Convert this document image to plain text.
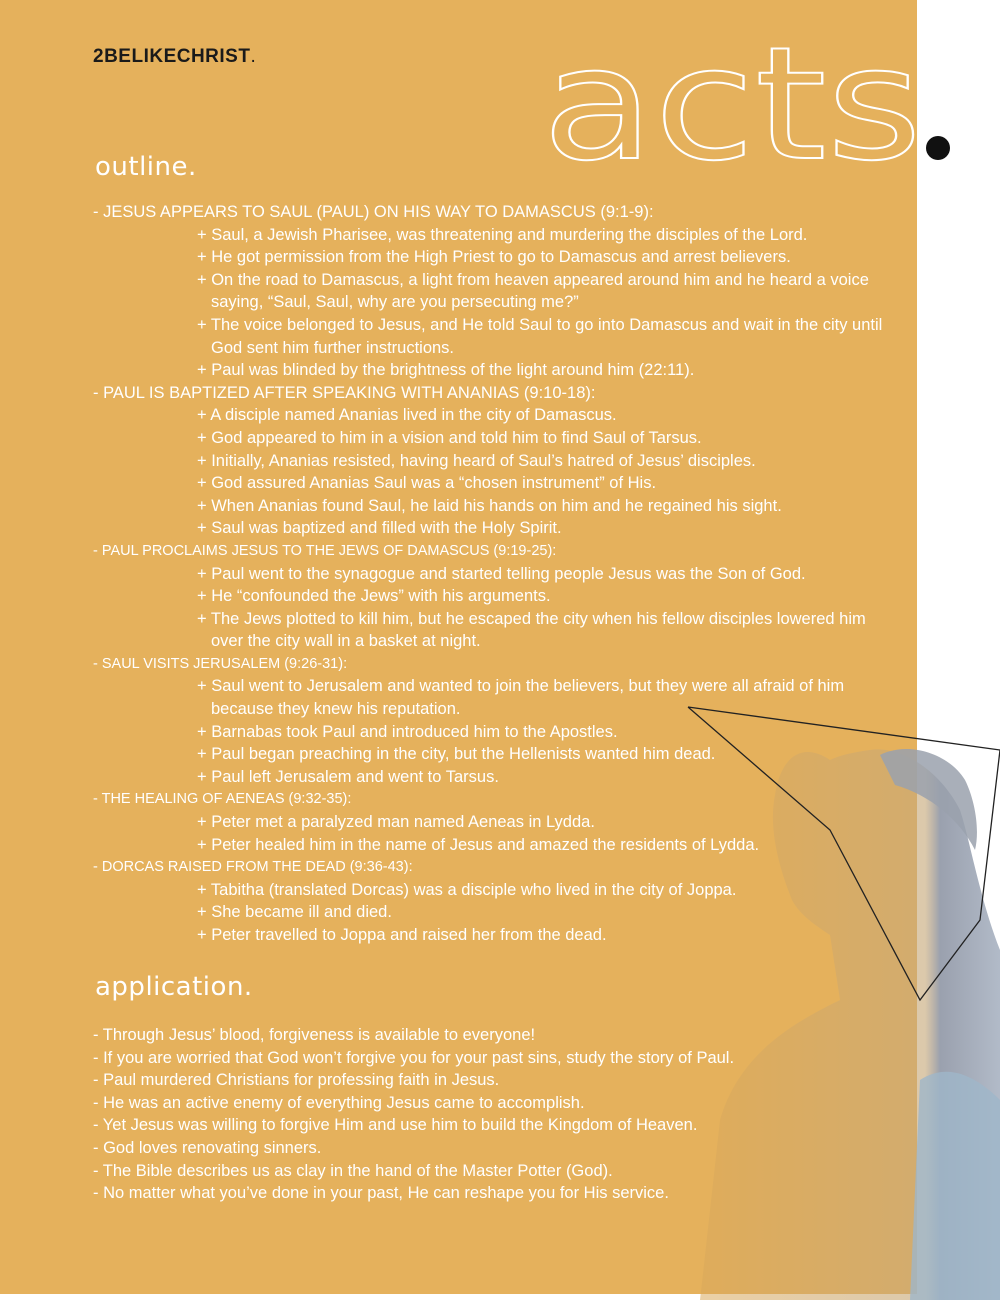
2BELIKECHRIST. acts
outline.
- JESUS APPEARS TO SAUL (PAUL) ON HIS WAY TO DAMASCUS (9:1-9):
+ Saul, a Jewish Pharisee, was threatening and murdering the disciples of the Lord.
+ He got permission from the High Priest to go to Damascus and arrest believers.
+ On the road to Damascus, a light from heaven appeared around him and he heard a voice saying, “Saul, Saul, why are you persecuting me?”
+ The voice belonged to Jesus, and He told Saul to go into Damascus and wait in the city until God sent him further instructions.
+ Paul was blinded by the brightness of the light around him (22:11).
- PAUL IS BAPTIZED AFTER SPEAKING WITH ANANIAS (9:10-18):
+ A disciple named Ananias lived in the city of Damascus.
+ God appeared to him in a vision and told him to find Saul of Tarsus.
+ Initially, Ananias resisted, having heard of Saul’s hatred of Jesus’ disciples.
+ God assured Ananias Saul was a “chosen instrument” of His.
+ When Ananias found Saul, he laid his hands on him and he regained his sight.
+ Saul was baptized and filled with the Holy Spirit.
- PAUL PROCLAIMS JESUS TO THE JEWS OF DAMASCUS (9:19-25):
+ Paul went to the synagogue and started telling people Jesus was the Son of God.
+ He “confounded the Jews” with his arguments.
+ The Jews plotted to kill him, but he escaped the city when his fellow disciples lowered him over the city wall in a basket at night.
- SAUL VISITS JERUSALEM (9:26-31):
+ Saul went to Jerusalem and wanted to join the believers, but they were all afraid of him because they knew his reputation.
+ Barnabas took Paul and introduced him to the Apostles.
+ Paul began preaching in the city, but the Hellenists wanted him dead.
+ Paul left Jerusalem and went to Tarsus.
- THE HEALING OF AENEAS (9:32-35):
+ Peter met a paralyzed man named Aeneas in Lydda.
+ Peter healed him in the name of Jesus and amazed the residents of Lydda.
- DORCAS RAISED FROM THE DEAD (9:36-43):
+ Tabitha (translated Dorcas) was a disciple who lived in the city of Joppa.
+ She became ill and died.
+ Peter travelled to Joppa and raised her from the dead.
application.
- Through Jesus’ blood, forgiveness is available to everyone!
- If you are worried that God won’t forgive you for your past sins, study the story of Paul.
- Paul murdered Christians for professing faith in Jesus.
- He was an active enemy of everything Jesus came to accomplish.
- Yet Jesus was willing to forgive Him and use him to build the Kingdom of Heaven.
- God loves renovating sinners.
- The Bible describes us as clay in the hand of the Master Potter (God).
- No matter what you’ve done in your past, He can reshape you for His service.
